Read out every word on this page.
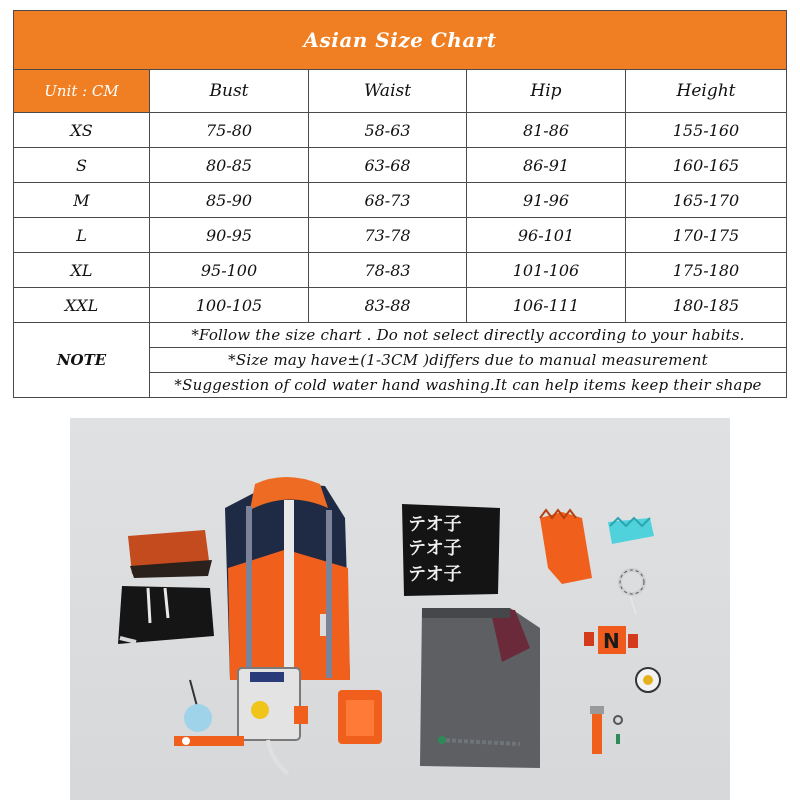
Asian Size Chart				
Unit : CM	Bust	Waist	Hip	Height
XS	75-80	58-63	81-86	155-160
S	80-85	63-68	86-91	160-165
M	85-90	68-73	91-96	165-170
L	90-95	73-78	96-101	170-175
XL	95-100	78-83	101-106	175-180
XXL	100-105	83-88	106-111	180-185
NOTE	*Follow the size chart . Do not select directly according to your habits.			
	*Size may have±(1-3CM )differs due to manual measurement			
	*Suggestion of cold water hand washing.It can help items keep their shape			
テオ子
テオ子
テオ子
N
